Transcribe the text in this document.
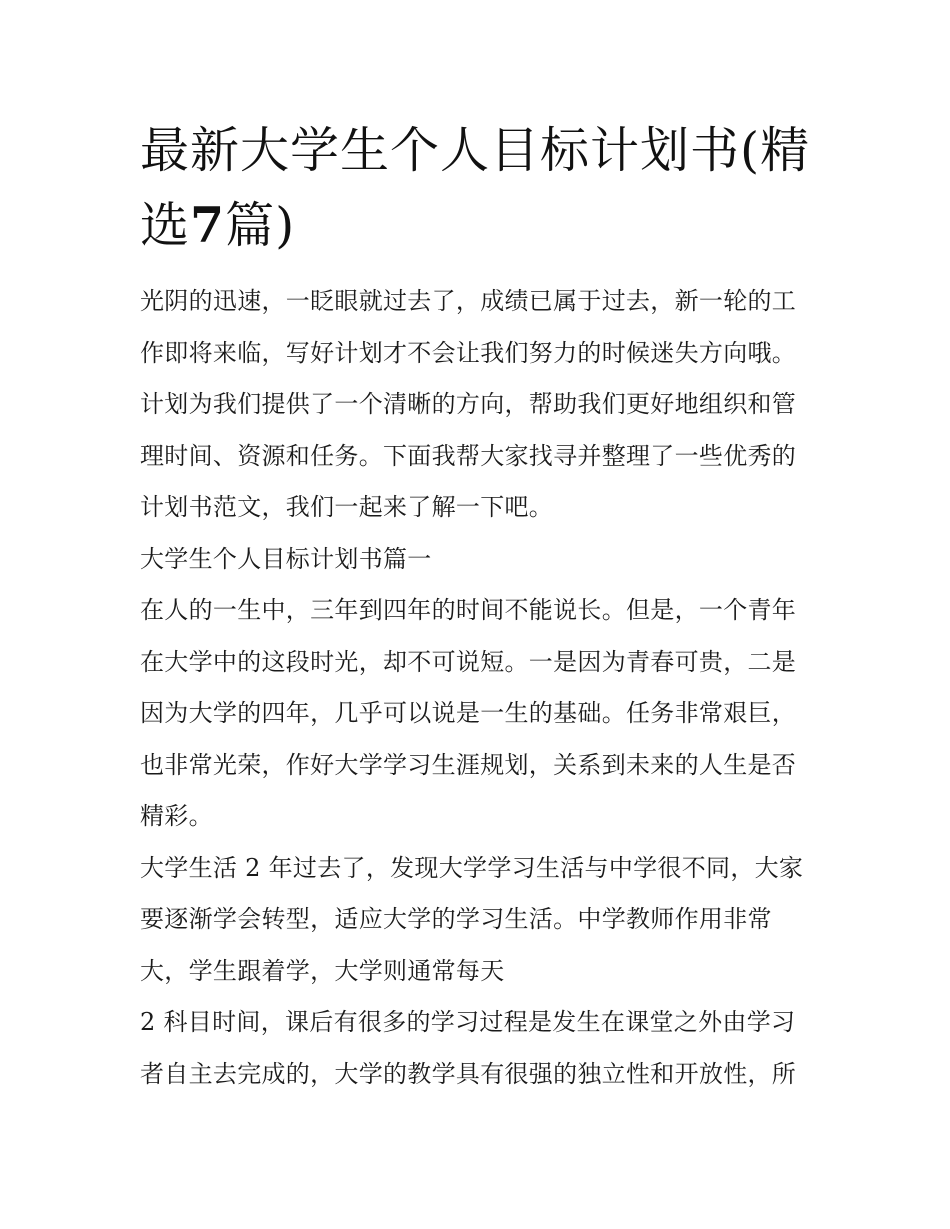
最新大学生个人目标计划书(精
选7篇)
光阴的迅速，一眨眼就过去了，成绩已属于过去，新一轮的工
作即将来临，写好计划才不会让我们努力的时候迷失方向哦。
计划为我们提供了一个清晰的方向，帮助我们更好地组织和管
理时间、资源和任务。下面我帮大家找寻并整理了一些优秀的
计划书范文，我们一起来了解一下吧。
大学生个人目标计划书篇一
在人的一生中，三年到四年的时间不能说长。但是，一个青年
在大学中的这段时光，却不可说短。一是因为青春可贵，二是
因为大学的四年，几乎可以说是一生的基础。任务非常艰巨，
也非常光荣，作好大学学习生涯规划，关系到未来的人生是否
精彩。
大学生活 2 年过去了，发现大学学习生活与中学很不同，大家
要逐渐学会转型，适应大学的学习生活。中学教师作用非常
大，学生跟着学，大学则通常每天
2 科目时间，课后有很多的学习过程是发生在课堂之外由学习
者自主去完成的，大学的教学具有很强的独立性和开放性，所
